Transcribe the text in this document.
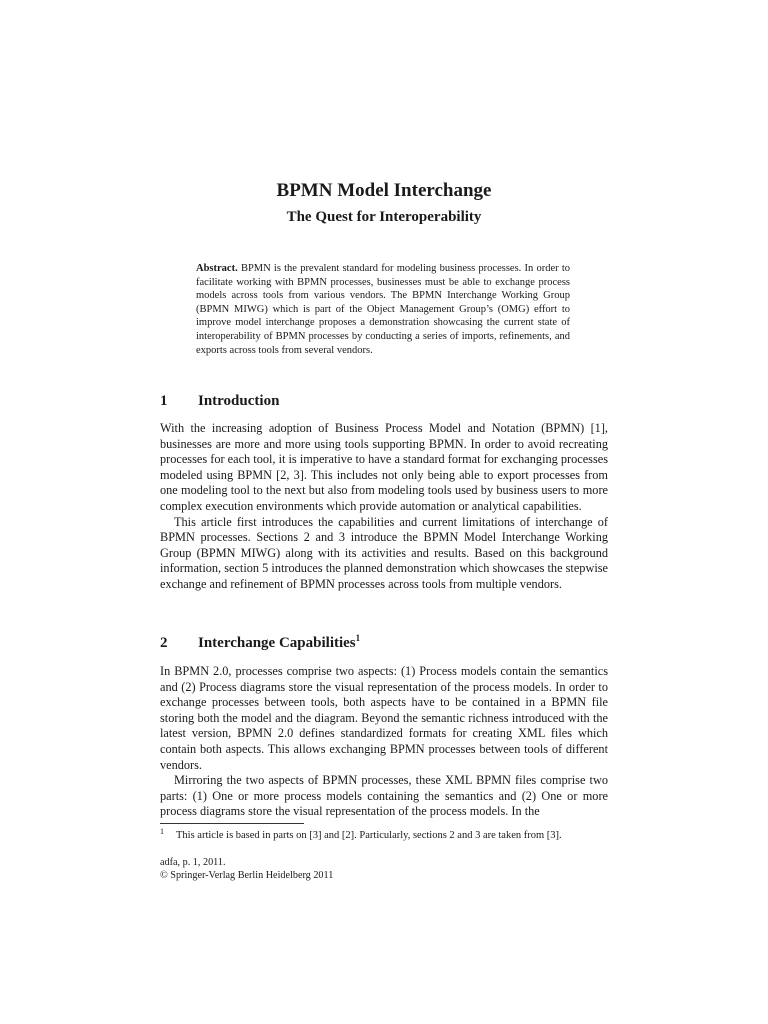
BPMN Model Interchange
The Quest for Interoperability
Abstract. BPMN is the prevalent standard for modeling business processes. In order to facilitate working with BPMN processes, businesses must be able to exchange process models across tools from various vendors. The BPMN Interchange Working Group (BPMN MIWG) which is part of the Object Management Group’s (OMG) effort to improve model interchange proposes a demonstration showcasing the current state of interoperability of BPMN processes by conducting a series of imports, refinements, and exports across tools from several vendors.
1 Introduction

With the increasing adoption of Business Process Model and Notation (BPMN) [1], businesses are more and more using tools supporting BPMN. In order to avoid recreating processes for each tool, it is imperative to have a standard format for exchanging processes modeled using BPMN [2, 3]. This includes not only being able to export processes from one modeling tool to the next but also from modeling tools used by business users to more complex execution environments which provide automation or analytical capabilities.

This article first introduces the capabilities and current limitations of interchange of BPMN processes. Sections 2 and 3 introduce the BPMN Model Interchange Working Group (BPMN MIWG) along with its activities and results. Based on this background information, section 5 introduces the planned demonstration which showcases the stepwise exchange and refinement of BPMN processes across tools from multiple vendors.

2 Interchange Capabilities$^1$

In BPMN 2.0, processes comprise two aspects: (1) Process models contain the semantics and (2) Process diagrams store the visual representation of the process models. In order to exchange processes between tools, both aspects have to be contained in a BPMN file storing both the model and the diagram. Beyond the semantic richness introduced with the latest version, BPMN 2.0 defines standardized formats for creating XML files which contain both aspects. This allows exchanging BPMN processes between tools of different vendors.

Mirroring the two aspects of BPMN processes, these XML BPMN files comprise two parts: (1) One or more process models containing the semantics and (2) One or more process diagrams store the visual representation of the process models. In the

1 This article is based in parts on [3] and [2]. Particularly, sections 2 and 3 are taken from [3].
adfa, p. 1, 2011.
© Springer-Verlag Berlin Heidelberg 2011
